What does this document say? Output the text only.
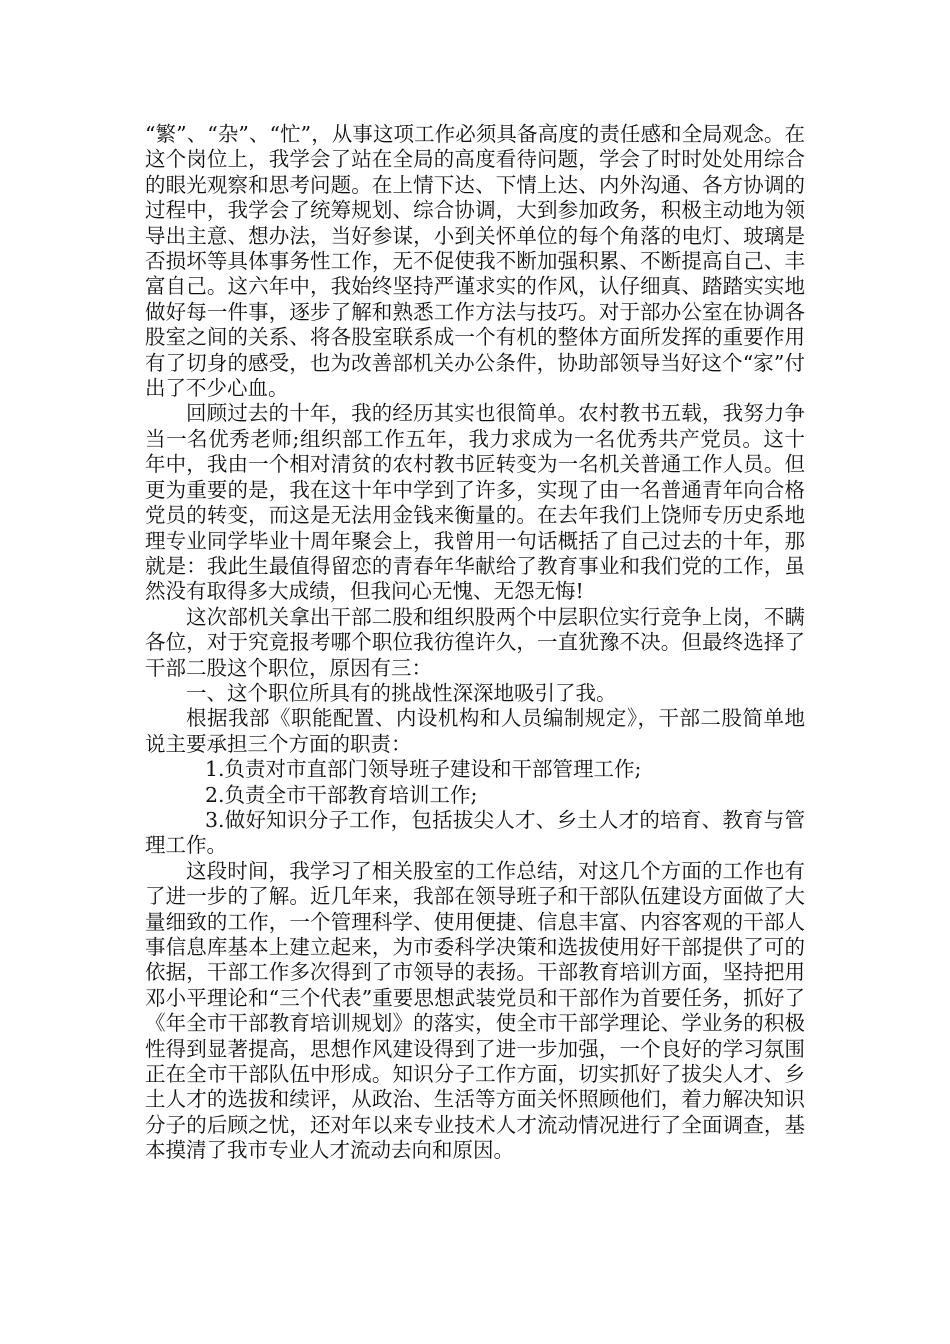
“繁”、“杂”、“忙”，从事这项工作必须具备高度的责任感和全局观念。在这个岗位上，我学会了站在全局的高度看待问题，学会了时时处处用综合的眼光观察和思考问题。在上情下达、下情上达、内外沟通、各方协调的过程中，我学会了统筹规划、综合协调，大到参加政务，积极主动地为领导出主意、想办法，当好参谋，小到关怀单位的每个角落的电灯、玻璃是否损坏等具体事务性工作，无不促使我不断加强积累、不断提高自己、丰富自己。这六年中，我始终坚持严谨求实的作风，认仔细真、踏踏实实地做好每一件事，逐步了解和熟悉工作方法与技巧。对于部办公室在协调各股室之间的关系、将各股室联系成一个有机的整体方面所发挥的重要作用有了切身的感受，也为改善部机关办公条件，协助部领导当好这个“家”付出了不少心血。

回顾过去的十年，我的经历其实也很简单。农村教书五载，我努力争当一名优秀老师;组织部工作五年，我力求成为一名优秀共产党员。这十年中，我由一个相对清贫的农村教书匠转变为一名机关普通工作人员。但更为重要的是，我在这十年中学到了许多，实现了由一名普通青年向合格党员的转变，而这是无法用金钱来衡量的。在去年我们上饶师专历史系地理专业同学毕业十周年聚会上，我曾用一句话概括了自己过去的十年，那就是：我此生最值得留恋的青春年华献给了教育事业和我们党的工作，虽然没有取得多大成绩，但我问心无愧、无怨无悔!

这次部机关拿出干部二股和组织股两个中层职位实行竞争上岗，不瞒各位，对于究竟报考哪个职位我彷徨许久，一直犹豫不决。但最终选择了干部二股这个职位，原因有三：

一、这个职位所具有的挑战性深深地吸引了我。

根据我部《职能配置、内设机构和人员编制规定》，干部二股简单地说主要承担三个方面的职责：

1.负责对市直部门领导班子建设和干部管理工作;

2.负责全市干部教育培训工作;

3.做好知识分子工作，包括拔尖人才、乡土人才的培育、教育与管理工作。

这段时间，我学习了相关股室的工作总结，对这几个方面的工作也有了进一步的了解。近几年来，我部在领导班子和干部队伍建设方面做了大量细致的工作，一个管理科学、使用便捷、信息丰富、内容客观的干部人事信息库基本上建立起来，为市委科学决策和选拔使用好干部提供了可的依据，干部工作多次得到了市领导的表扬。干部教育培训方面，坚持把用邓小平理论和“三个代表”重要思想武装党员和干部作为首要任务，抓好了《年全市干部教育培训规划》的落实，使全市干部学理论、学业务的积极性得到显著提高，思想作风建设得到了进一步加强，一个良好的学习氛围正在全市干部队伍中形成。知识分子工作方面，切实抓好了拔尖人才、乡土人才的选拔和续评，从政治、生活等方面关怀照顾他们，着力解决知识分子的后顾之忧，还对年以来专业技术人才流动情况进行了全面调查，基本摸清了我市专业人才流动去向和原因。
